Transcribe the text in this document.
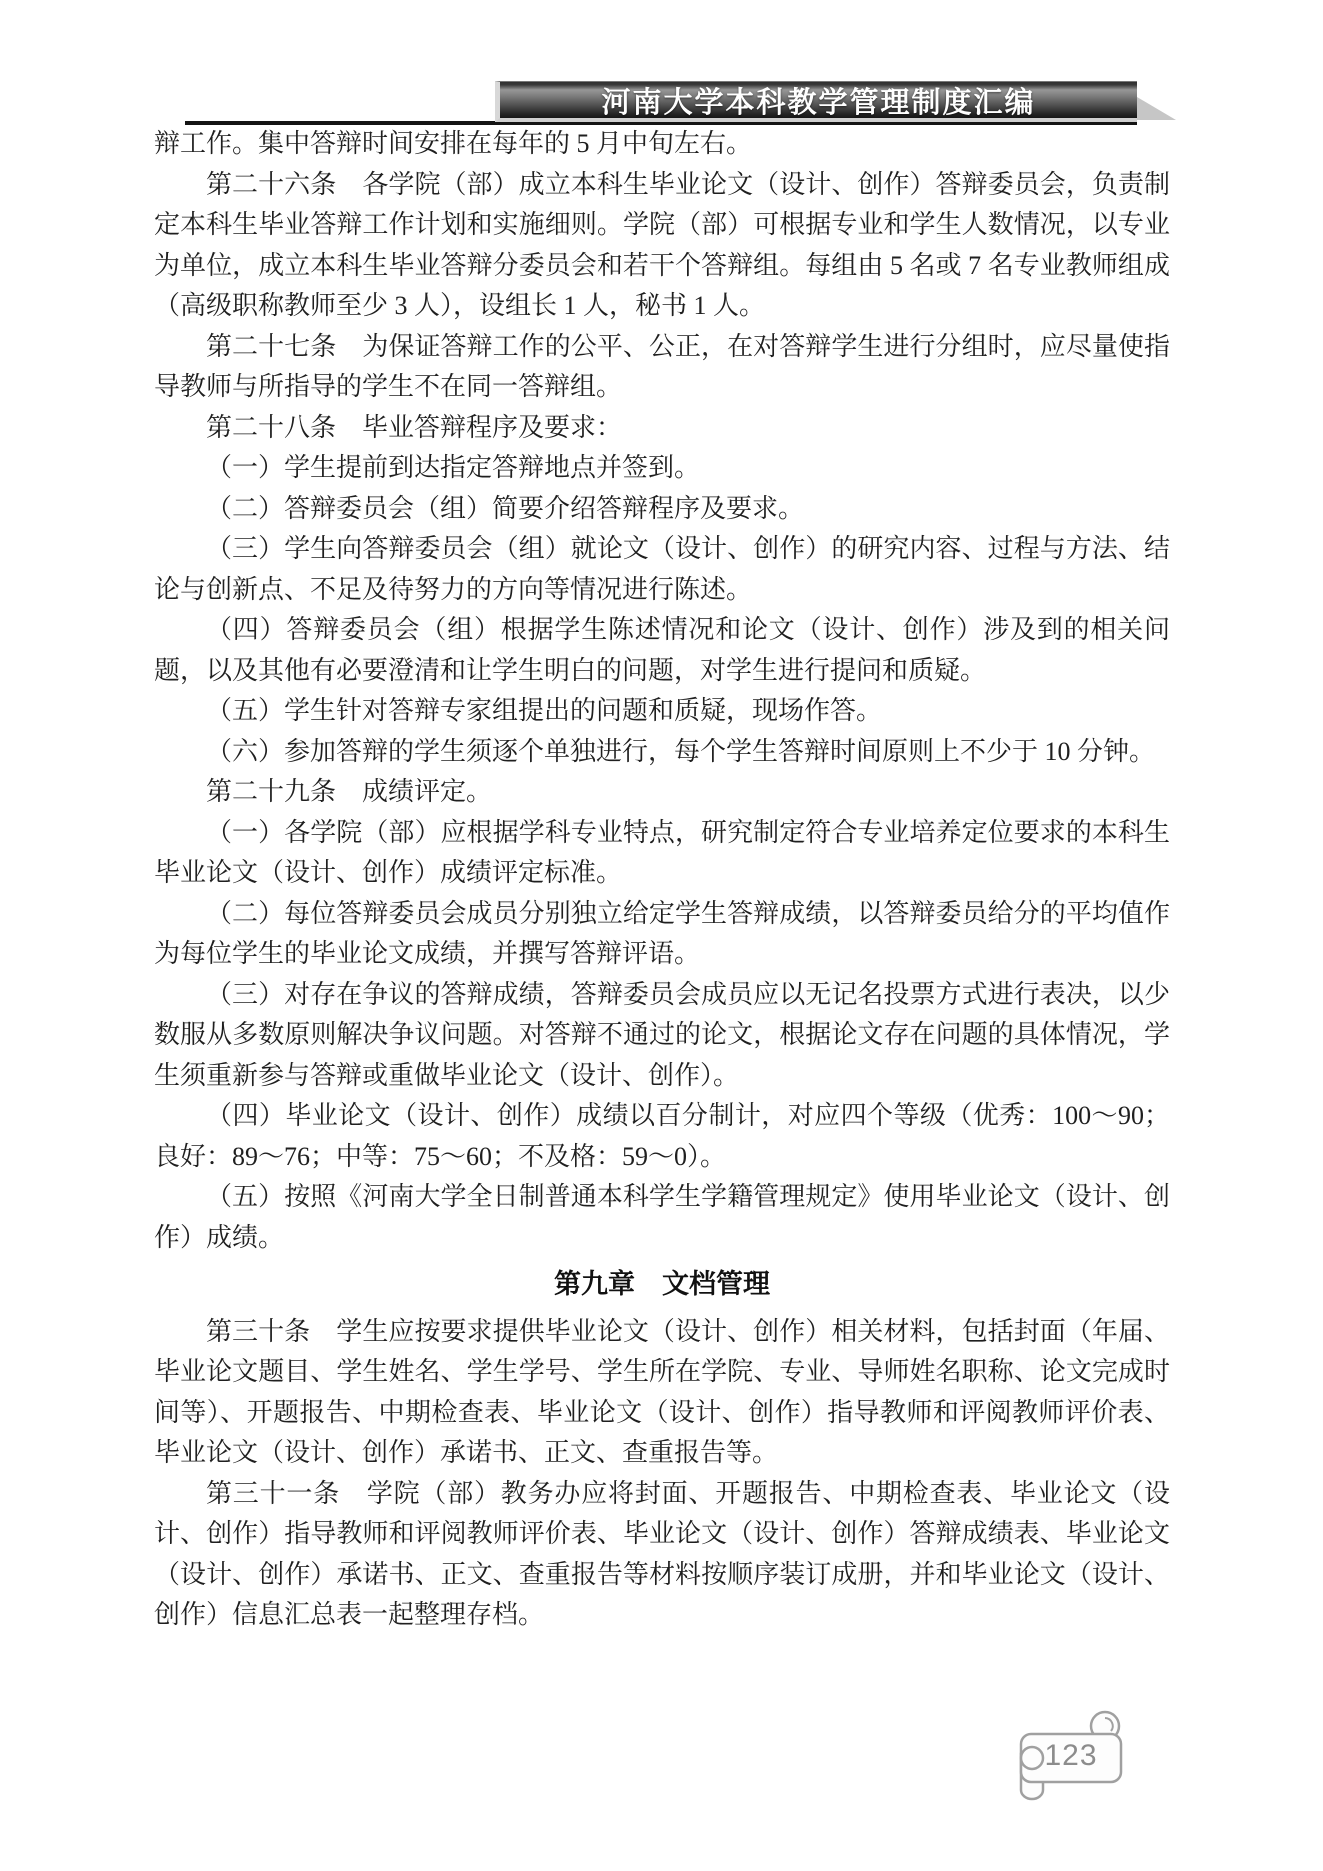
河南大学本科教学管理制度汇编

辩工作。集中答辩时间安排在每年的 5 月中旬左右。

第二十六条　各学院（部）成立本科生毕业论文（设计、创作）答辩委员会，负责制定本科生毕业答辩工作计划和实施细则。学院（部）可根据专业和学生人数情况，以专业为单位，成立本科生毕业答辩分委员会和若干个答辩组。每组由 5 名或 7 名专业教师组成（高级职称教师至少 3 人），设组长 1 人，秘书 1 人。

第二十七条　为保证答辩工作的公平、公正，在对答辩学生进行分组时，应尽量使指导教师与所指导的学生不在同一答辩组。

第二十八条　毕业答辩程序及要求：

（一）学生提前到达指定答辩地点并签到。

（二）答辩委员会（组）简要介绍答辩程序及要求。

（三）学生向答辩委员会（组）就论文（设计、创作）的研究内容、过程与方法、结论与创新点、不足及待努力的方向等情况进行陈述。

（四）答辩委员会（组）根据学生陈述情况和论文（设计、创作）涉及到的相关问题，以及其他有必要澄清和让学生明白的问题，对学生进行提问和质疑。

（五）学生针对答辩专家组提出的问题和质疑，现场作答。

（六）参加答辩的学生须逐个单独进行，每个学生答辩时间原则上不少于 10 分钟。

第二十九条　成绩评定。

（一）各学院（部）应根据学科专业特点，研究制定符合专业培养定位要求的本科生毕业论文（设计、创作）成绩评定标准。

（二）每位答辩委员会成员分别独立给定学生答辩成绩，以答辩委员给分的平均值作为每位学生的毕业论文成绩，并撰写答辩评语。

（三）对存在争议的答辩成绩，答辩委员会成员应以无记名投票方式进行表决，以少数服从多数原则解决争议问题。对答辩不通过的论文，根据论文存在问题的具体情况，学生须重新参与答辩或重做毕业论文（设计、创作）。

（四）毕业论文（设计、创作）成绩以百分制计，对应四个等级（优秀：100～90；良好：89～76；中等：75～60；不及格：59～0）。

（五）按照《河南大学全日制普通本科学生学籍管理规定》使用毕业论文（设计、创作）成绩。

第九章　文档管理

第三十条　学生应按要求提供毕业论文（设计、创作）相关材料，包括封面（年届、毕业论文题目、学生姓名、学生学号、学生所在学院、专业、导师姓名职称、论文完成时间等）、开题报告、中期检查表、毕业论文（设计、创作）指导教师和评阅教师评价表、毕业论文（设计、创作）承诺书、正文、查重报告等。

第三十一条　学院（部）教务办应将封面、开题报告、中期检查表、毕业论文（设计、创作）指导教师和评阅教师评价表、毕业论文（设计、创作）答辩成绩表、毕业论文（设计、创作）承诺书、正文、查重报告等材料按顺序装订成册，并和毕业论文（设计、创作）信息汇总表一起整理存档。

123
